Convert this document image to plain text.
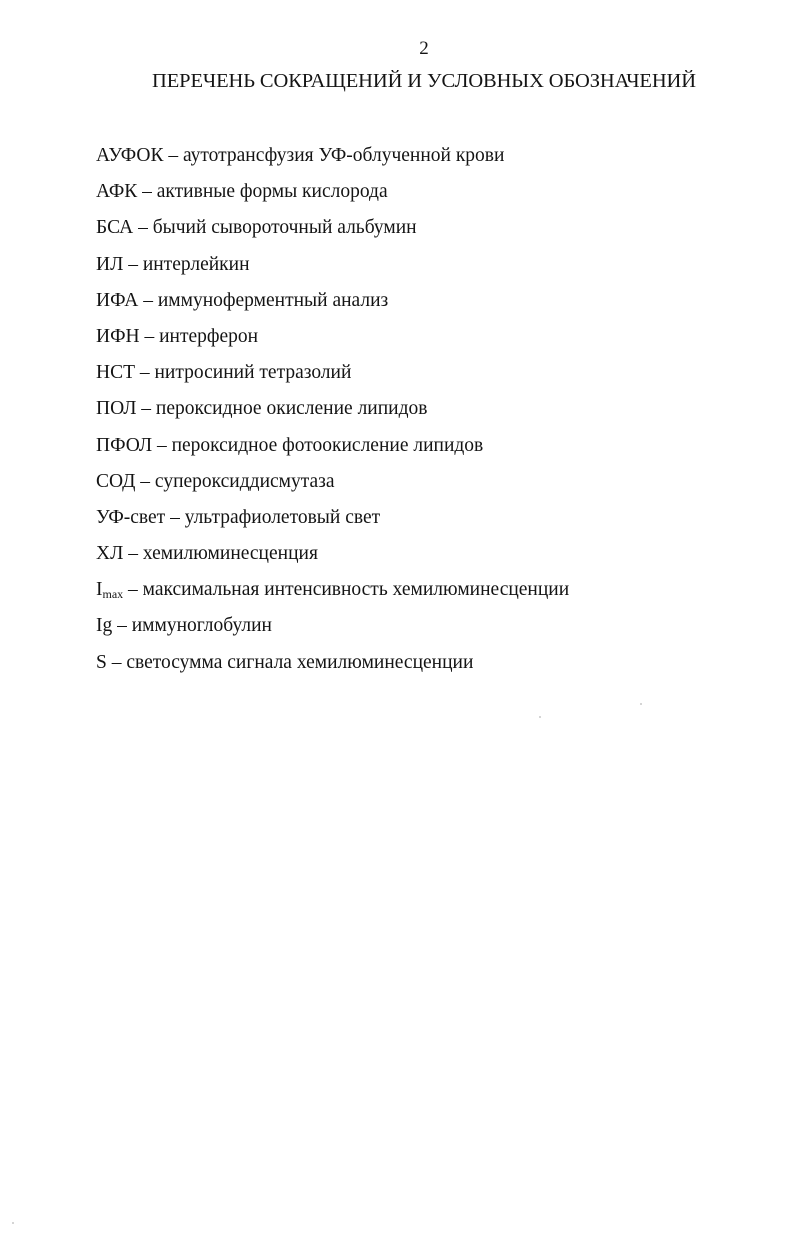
2
ПЕРЕЧЕНЬ СОКРАЩЕНИЙ И УСЛОВНЫХ ОБОЗНАЧЕНИЙ
АУФОК – аутотрансфузия УФ-облученной крови
АФК – активные формы кислорода
БСА – бычий сывороточный альбумин
ИЛ – интерлейкин
ИФА – иммуноферментный анализ
ИФН – интерферон
НСТ – нитросиний тетразолий
ПОЛ – пероксидное окисление липидов
ПФОЛ – пероксидное фотоокисление липидов
СОД – супероксиддисмутаза
УФ-свет – ультрафиолетовый свет
ХЛ – хемилюминесценция
$I_{max}$ – максимальная интенсивность хемилюминесценции
Ig – иммуноглобулин
S – светосумма сигнала хемилюминесценции
